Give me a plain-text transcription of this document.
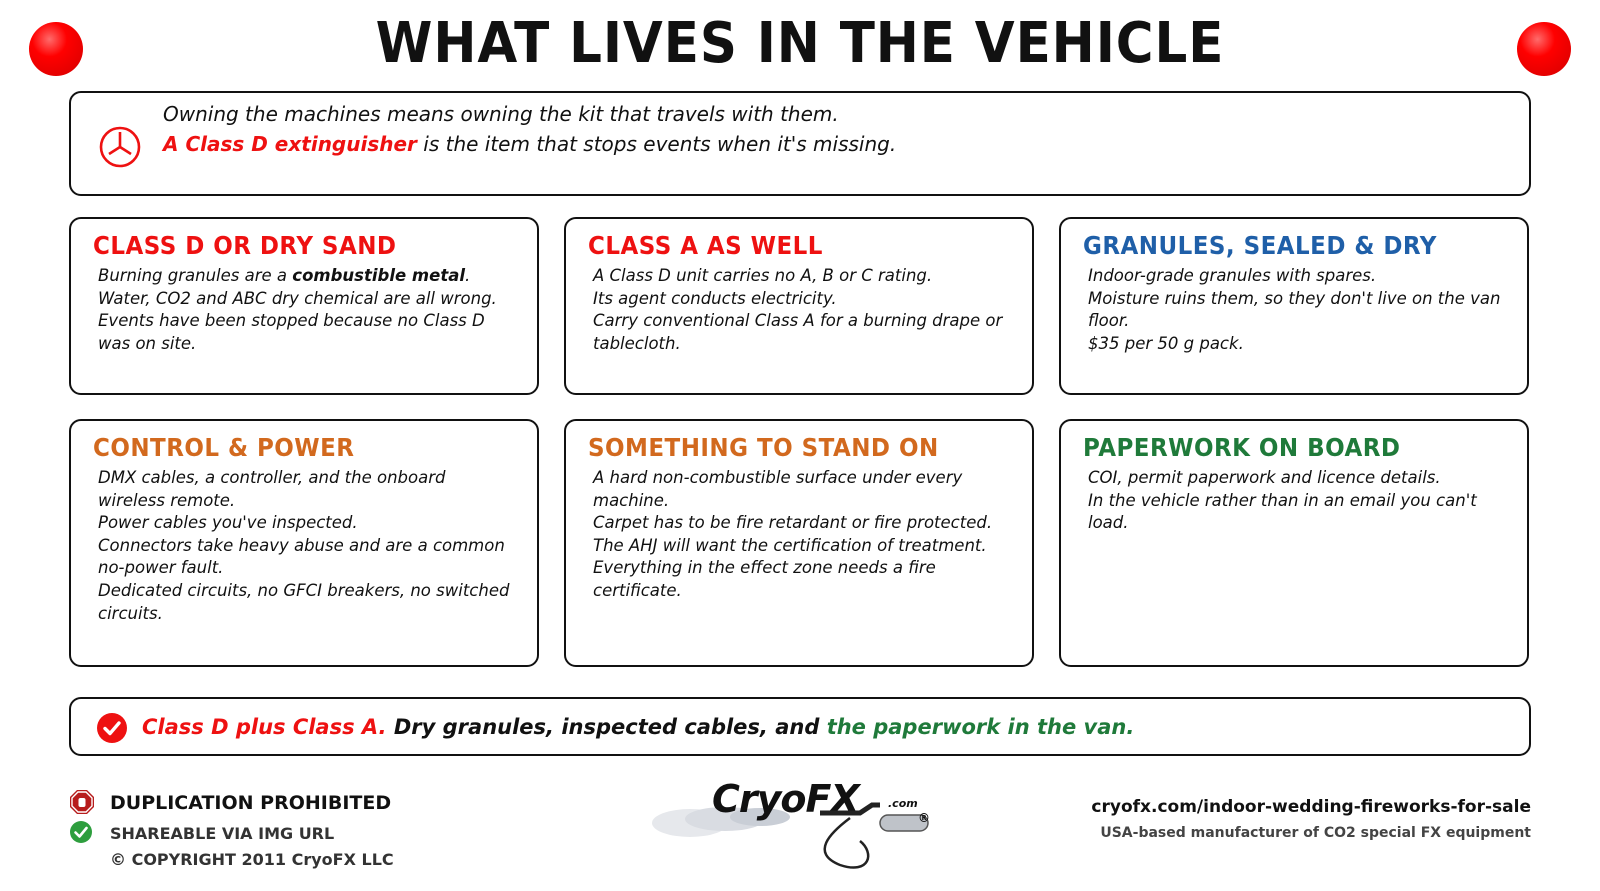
WHAT LIVES IN THE VEHICLE
Owning the machines means owning the kit that travels with them.
A Class D extinguisher is the item that stops events when it's missing.
CLASS D OR DRY SAND

Burning granules are a combustible metal.

Water, CO2 and ABC dry chemical are all wrong.

Events have been stopped because no Class D was on site.

CLASS A AS WELL

A Class D unit carries no A, B or C rating.

Its agent conducts electricity.

Carry conventional Class A for a burning drape or tablecloth.

GRANULES, SEALED & DRY

Indoor-grade granules with spares.

Moisture ruins them, so they don't live on the van floor.

$35 per 50 g pack.

CONTROL & POWER

DMX cables, a controller, and the onboard wireless remote.

Power cables you've inspected.

Connectors take heavy abuse and are a common no-power fault.

Dedicated circuits, no GFCI breakers, no switched circuits.

SOMETHING TO STAND ON

A hard non-combustible surface under every machine.

Carpet has to be fire retardant or fire protected.

The AHJ will want the certification of treatment.

Everything in the effect zone needs a fire certificate.

PAPERWORK ON BOARD

COI, permit paperwork and licence details.

In the vehicle rather than in an email you can't load.

Class D plus Class A. Dry granules, inspected cables, and the paperwork in the van.
DUPLICATION PROHIBITED
SHAREABLE VIA IMG URL
© COPYRIGHT 2011 CryoFX LLC
CryoFX	.com
®
cryofx.com/indoor-wedding-fireworks-for-sale
USA-based manufacturer of CO2 special FX equipment
